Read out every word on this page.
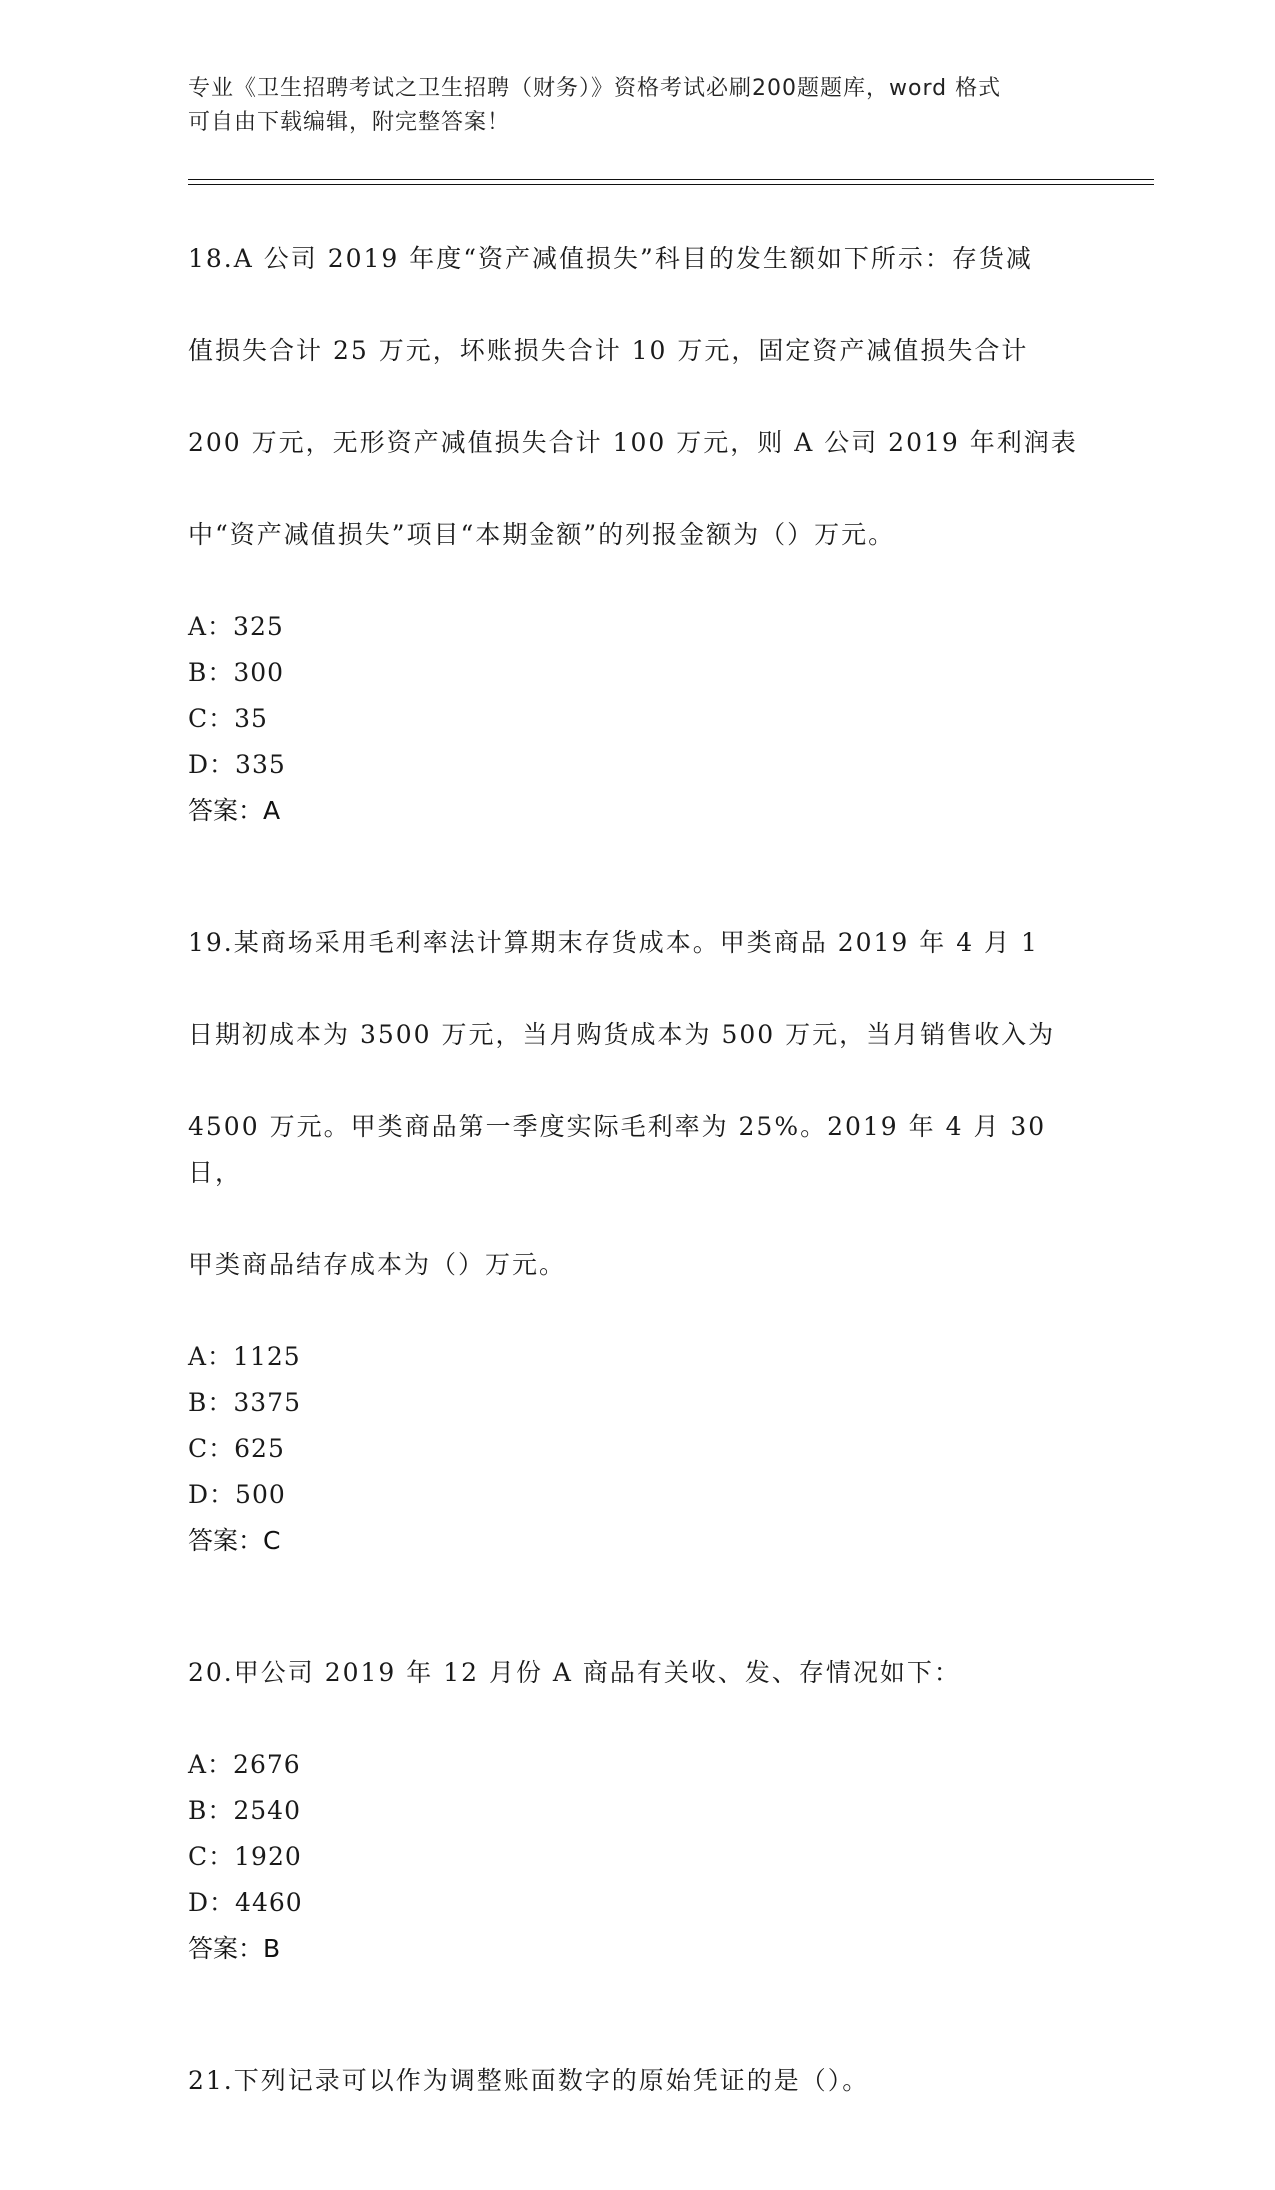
专业《卫生招聘考试之卫生招聘（财务）》资格考试必刷200题题库，word 格式

可自由下载编辑，附完整答案！

18.A 公司 2019 年度“资产减值损失”科目的发生额如下所示：存货减

值损失合计 25 万元，坏账损失合计 10 万元，固定资产减值损失合计

200 万元，无形资产减值损失合计 100 万元，则 A 公司 2019 年利润表

中“资产减值损失”项目“本期金额”的列报金额为（）万元。

A：325

B：300

C：35

D：335

答案：A

19.某商场采用毛利率法计算期末存货成本。甲类商品 2019 年 4 月 1

日期初成本为 3500 万元，当月购货成本为 500 万元，当月销售收入为

4500 万元。甲类商品第一季度实际毛利率为 25%。2019 年 4 月 30 日，

甲类商品结存成本为（）万元。

A：1125

B：3375

C：625

D：500

答案：C

20.甲公司 2019 年 12 月份 A 商品有关收、发、存情况如下：

A：2676

B：2540

C：1920

D：4460

答案：B

21.下列记录可以作为调整账面数字的原始凭证的是（）。
